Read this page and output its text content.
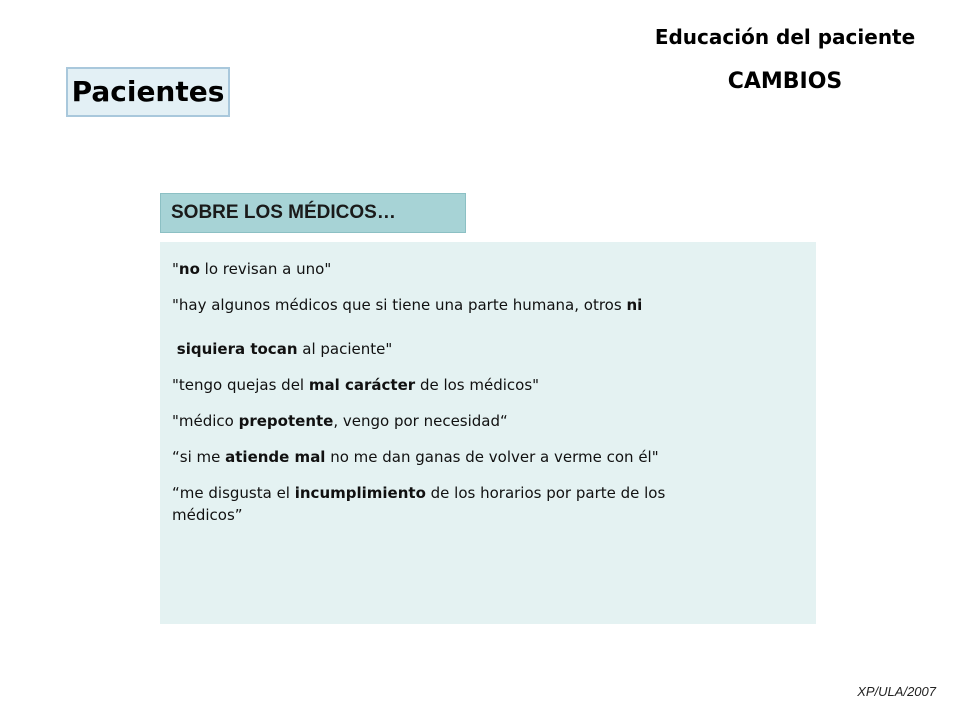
Educación del paciente
CAMBIOS
Pacientes
SOBRE LOS MÉDICOS…

"no lo revisan a uno"

"hay algunos médicos que si tiene una parte humana, otros ni

siquiera tocan al paciente"

"tengo quejas del mal carácter de los médicos"

"médico prepotente, vengo por necesidad“

“si me atiende mal no me dan ganas de volver a verme con él"

“me disgusta el incumplimiento de los horarios por parte de los
médicos”

XP/ULA/2007
